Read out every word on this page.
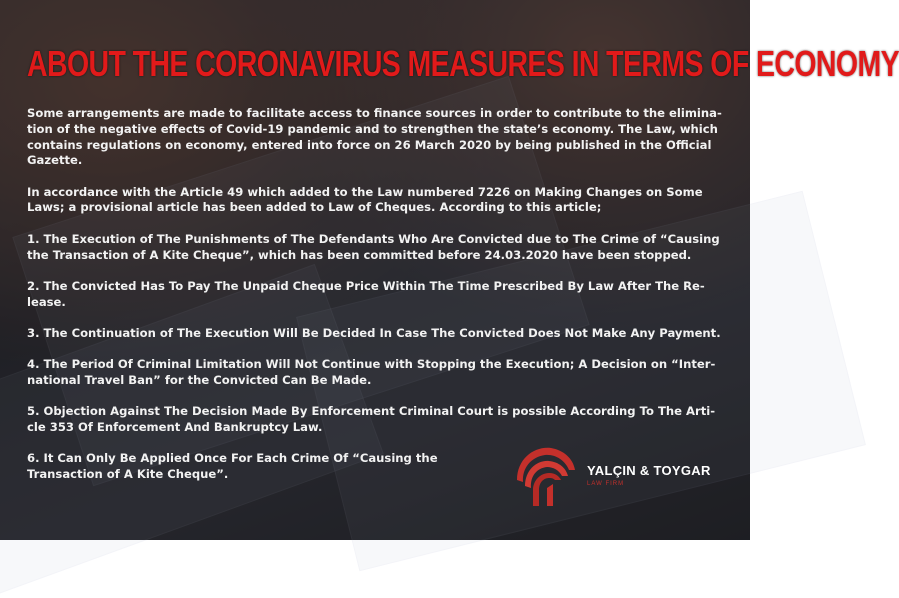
ABOUT THE CORONAVIRUS MEASURES IN TERMS OF ECONOMY

Some arrangements are made to facilitate access to finance sources in order to contribute to the elimina-tion of the negative effects of Covid-19 pandemic and to strengthen the state’s economy. The Law, which contains regulations on economy, entered into force on 26 March 2020 by being published in the Official Gazette.

In accordance with the Article 49 which added to the Law numbered 7226 on Making Changes on Some Laws; a provisional article has been added to Law of Cheques. According to this article;

1. The Execution of The Punishments of The Defendants Who Are Convicted due to The Crime of “Causing the Transaction of A Kite Cheque”, which has been committed before 24.03.2020 have been stopped.

2. The Convicted Has To Pay The Unpaid Cheque Price Within The Time Prescribed By Law After The Re-lease.

3. The Continuation of The Execution Will Be Decided In Case The Convicted Does Not Make Any Payment.

4. The Period Of Criminal Limitation Will Not Continue with Stopping the Execution; A Decision on “Inter-national Travel Ban” for the Convicted Can Be Made.

5. Objection Against The Decision Made By Enforcement Criminal Court is possible According To The Arti-cle 353 Of Enforcement And Bankruptcy Law.

6. It Can Only Be Applied Once For Each Crime Of “Causing the Transaction of A Kite Cheque”.	YALÇIN & TOYGAR
LAW FIRM
